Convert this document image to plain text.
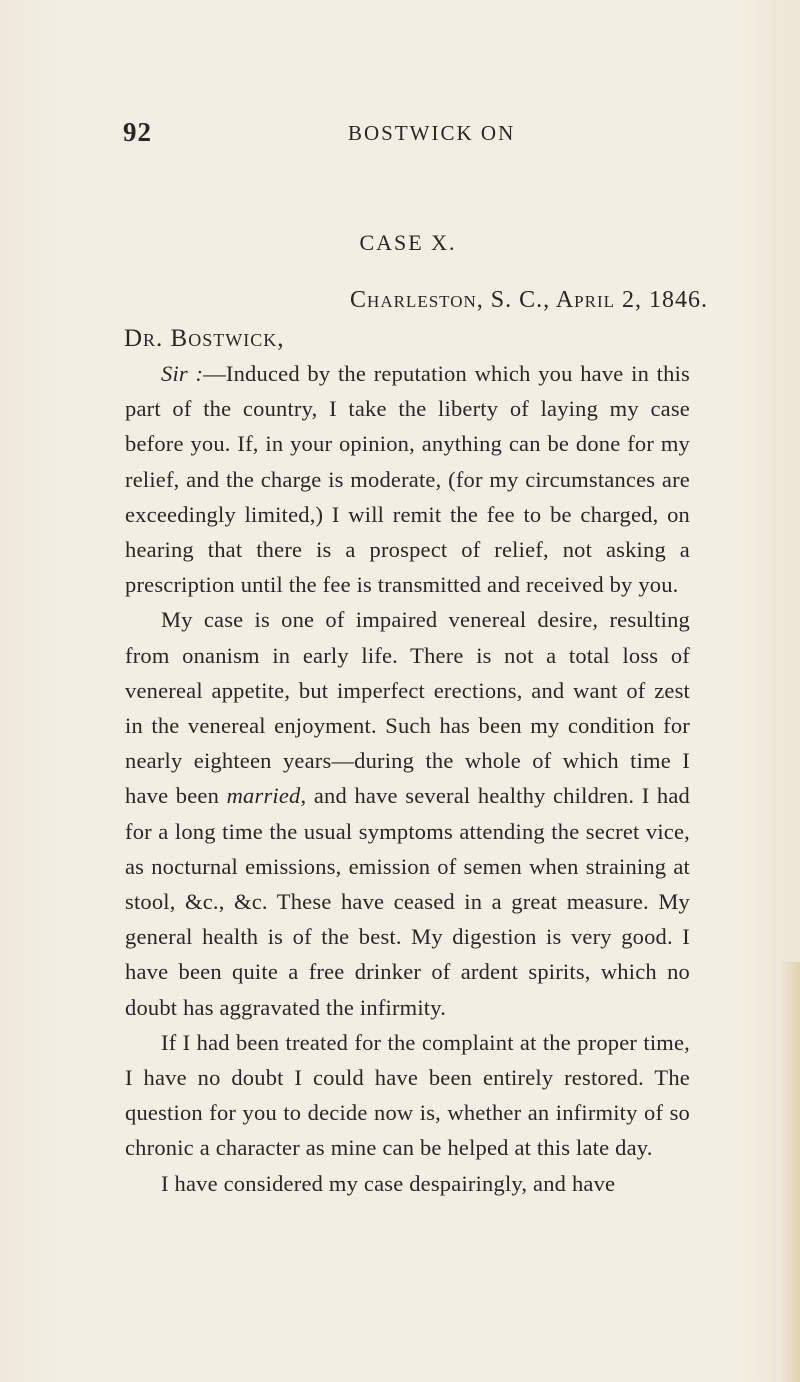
92	BOSTWICK ON
CASE X.
Charleston, S. C., April 2, 1846.
Dr. Bostwick,

Sir :—Induced by the reputation which you have in this part of the country, I take the liberty of laying my case before you. If, in your opinion, anything can be done for my relief, and the charge is moderate, (for my circumstances are exceedingly limited,) I will remit the fee to be charged, on hearing that there is a prospect of relief, not asking a prescription until the fee is transmitted and received by you.

My case is one of impaired venereal desire, resulting from onanism in early life. There is not a total loss of venereal appetite, but imperfect erections, and want of zest in the venereal enjoyment. Such has been my condition for nearly eighteen years—during the whole of which time I have been married, and have several healthy children. I had for a long time the usual symptoms attending the secret vice, as nocturnal emissions, emission of semen when straining at stool, &c., &c. These have ceased in a great measure. My general health is of the best. My digestion is very good. I have been quite a free drinker of ardent spirits, which no doubt has aggravated the infirmity.

If I had been treated for the complaint at the proper time, I have no doubt I could have been entirely restored. The question for you to decide now is, whether an infirmity of so chronic a character as mine can be helped at this late day.

I have considered my case despairingly, and have
